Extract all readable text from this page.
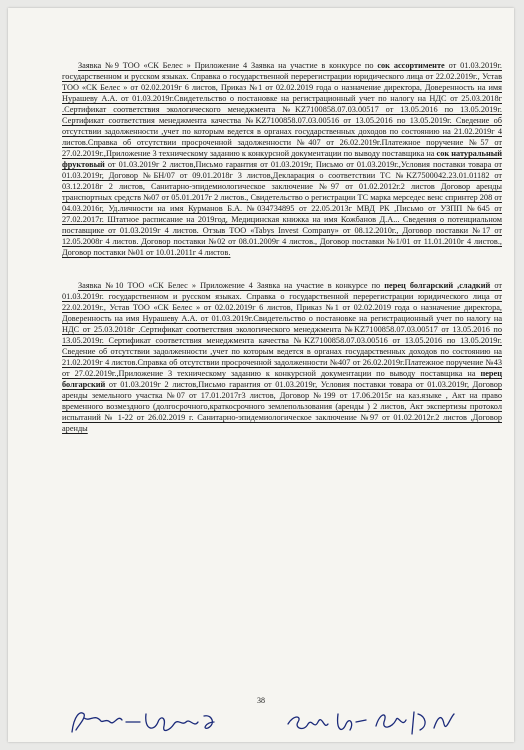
Заявка №9 ТОО «СК Белес » Приложение 4 Заявка на участие в конкурсе по сок ассортименте от 01.03.2019г. государственном и русском языках. Справка о государственной перерегистрации юридического лица от 22.02.2019г., Устав ТОО «СК Белес » от 02.02.2019г 6 листов, Приказ №1 от 02.02.2019 года о назначение директора, Доверенность на имя Нурашеву А.А. от 01.03.2019г.Свидетельство о постановке на регистрационный учет по налогу на НДС от 25.03.2018г .Сертификат соответствия экологического менеджмента №KZ7100858.07.03.00517 от 13.05.2016 по 13.05.2019г. Сертификат соответствия менеджмента качества №KZ7100858.07.03.00516 от 13.05.2016 по 13.05.2019г. Сведение об отсутствии задолженности ,учет по которым ведется в органах государственных доходов по состоянию на 21.02.2019г 4 листов.Справка об отсутствии просроченной задолженности №407 от 26.02.2019г.Платежное поручение №57 от 27.02.2019г.,Приложение 3 техническому заданию к конкурсной документации по выводу поставщика на сок натуральный фруктовый от 01.03.2019г 2 листов,Письмо гарантия от 01.03.2019г, Письмо от 01.03.2019г.,Условия поставки товара от 01.03.2019г, Договор №БН/07 от 09.01.2018г 3 листов,Декларация о соответствии ТС №KZ7500042.23.01.01182 от 03.12.2018г 2 листов, Санитарно-эпидемиологическое заключение №97 от 01.02.2012г.2 листов Договор аренды транспортных средств №07 от 05.01.2017г 2 листов., Свидетельство о регистрации ТС марка мерседес венс спринтер 208 от 04.03.2016г, Уд.личности на имя Курманов Б.А. №034734895 от 22.05.2013г МВД РК ,Письмо от УЗПП №645 от 27.02.2017г. Штатное расписание на 2019год, Медицинская книжка на имя Кожбанов Д.А... Сведения о потенциальном поставщике от 01.03.2019г 4 листов. Отзыв ТОО «Tabys Invest Company» от 08.12.2010г., Договор поставки №17 от 12.05.2008г 4 листов. Договор поставки №02 от 08.01.2009г 4 листов., Договор поставки №1/01 от 11.01.2010г 4 листов., Договор поставки №01 от 10.01.2011г 4 листов.

Заявка №10 ТОО «СК Белес » Приложение 4 Заявка на участие в конкурсе по перец болгарский ,сладкий от 01.03.2019г. государственном и русском языках. Справка о государственной перерегистрации юридического лица от 22.02.2019г., Устав ТОО «СК Белес » от 02.02.2019г 6 листов, Приказ №1 от 02.02.2019 года о назначение директора, Доверенность на имя Нурашеву А.А. от 01.03.2019г.Свидетельство о постановке на регистрационный учет по налогу на НДС от 25.03.2018г .Сертификат соответствия экологического менеджмента №KZ7100858.07.03.00517 от 13.05.2016 по 13.05.2019г. Сертификат соответствия менеджмента качества №KZ7100858.07.03.00516 от 13.05.2016 по 13.05.2019г. Сведение об отсутствии задолженности ,учет по которым ведется в органах государственных доходов по состоянию на 21.02.2019г 4 листов.Справка об отсутствии просроченной задолженности №407 от 26.02.2019г.Платежное поручение №43 от 27.02.2019г.,Приложение 3 техническому заданию к конкурсной документации по выводу поставщика на перец болгарский от 01.03.2019г 2 листов,Письмо гарантия от 01.03.2019г, Условия поставки товара от 01.03.2019г, Договор аренды земельного участка №07 от 17.01.2017г3 листов, Договор №199 от 17.06.2015г на каз.языке , Акт на право временного возмездного (долгосрочного,краткосрочного землепользования (аренды ) 2 листов, Акт экспертизы протокол испытаний № 1-22 от 26.02.2019 г. Санитарно-эпидемиологическое заключение №97 от 01.02.2012г.2 листов ,Договор аренды

38
